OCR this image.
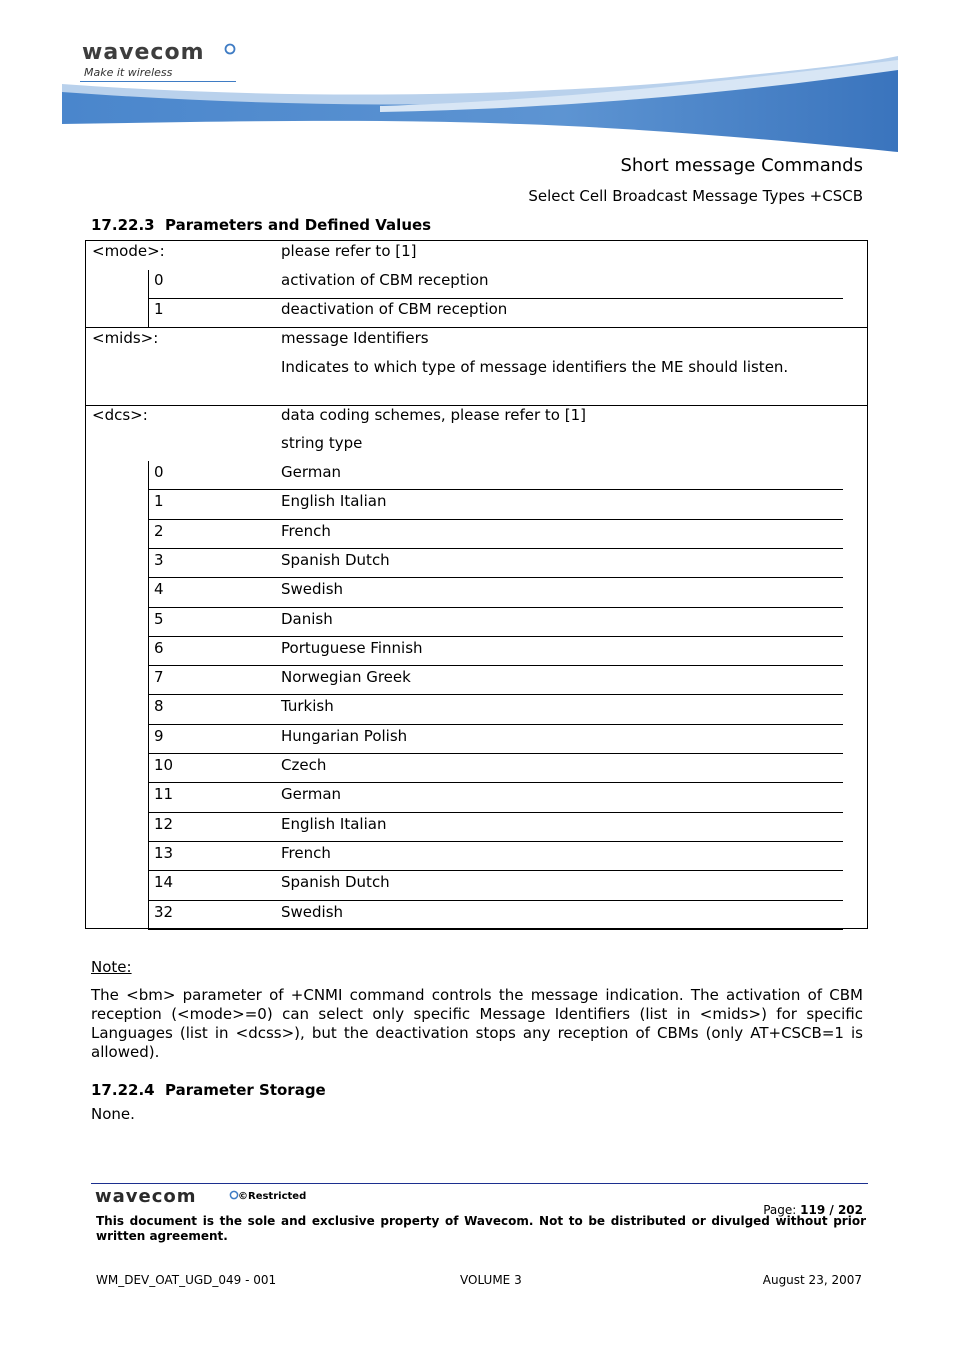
wavecom
Make it wireless
Short message Commands
Select Cell Broadcast Message Types +CSCB
17.22.3  Parameters and Defined Values
<mode>:	please refer to [1]
0	activation of CBM reception
1	deactivation of CBM reception
<mids>:	message Identifiers
Indicates to which type of message identifiers the ME should listen.
<dcs>:	data coding schemes, please refer to [1]
string type
0	German
1	English Italian
2	French
3	Spanish Dutch
4	Swedish
5	Danish
6	Portuguese Finnish
7	Norwegian Greek
8	Turkish
9	Hungarian Polish
10	Czech
11	German
12	English Italian
13	French
14	Spanish Dutch
32	Swedish
Note:
The <bm> parameter of +CNMI command controls the message indication. The activation of CBM reception (<mode>=0) can select only specific Message Identifiers (list in <mids>) for specific Languages (list in <dcss>), but the deactivation stops any reception of CBMs (only AT+CSCB=1 is allowed).
17.22.4  Parameter Storage
None.
wavecom	©Restricted

Page: 119 / 202

This document is the sole and exclusive property of Wavecom. Not to be distributed or divulged without prior written agreement.
WM_DEV_OAT_UGD_049 - 001	VOLUME 3	August 23, 2007
